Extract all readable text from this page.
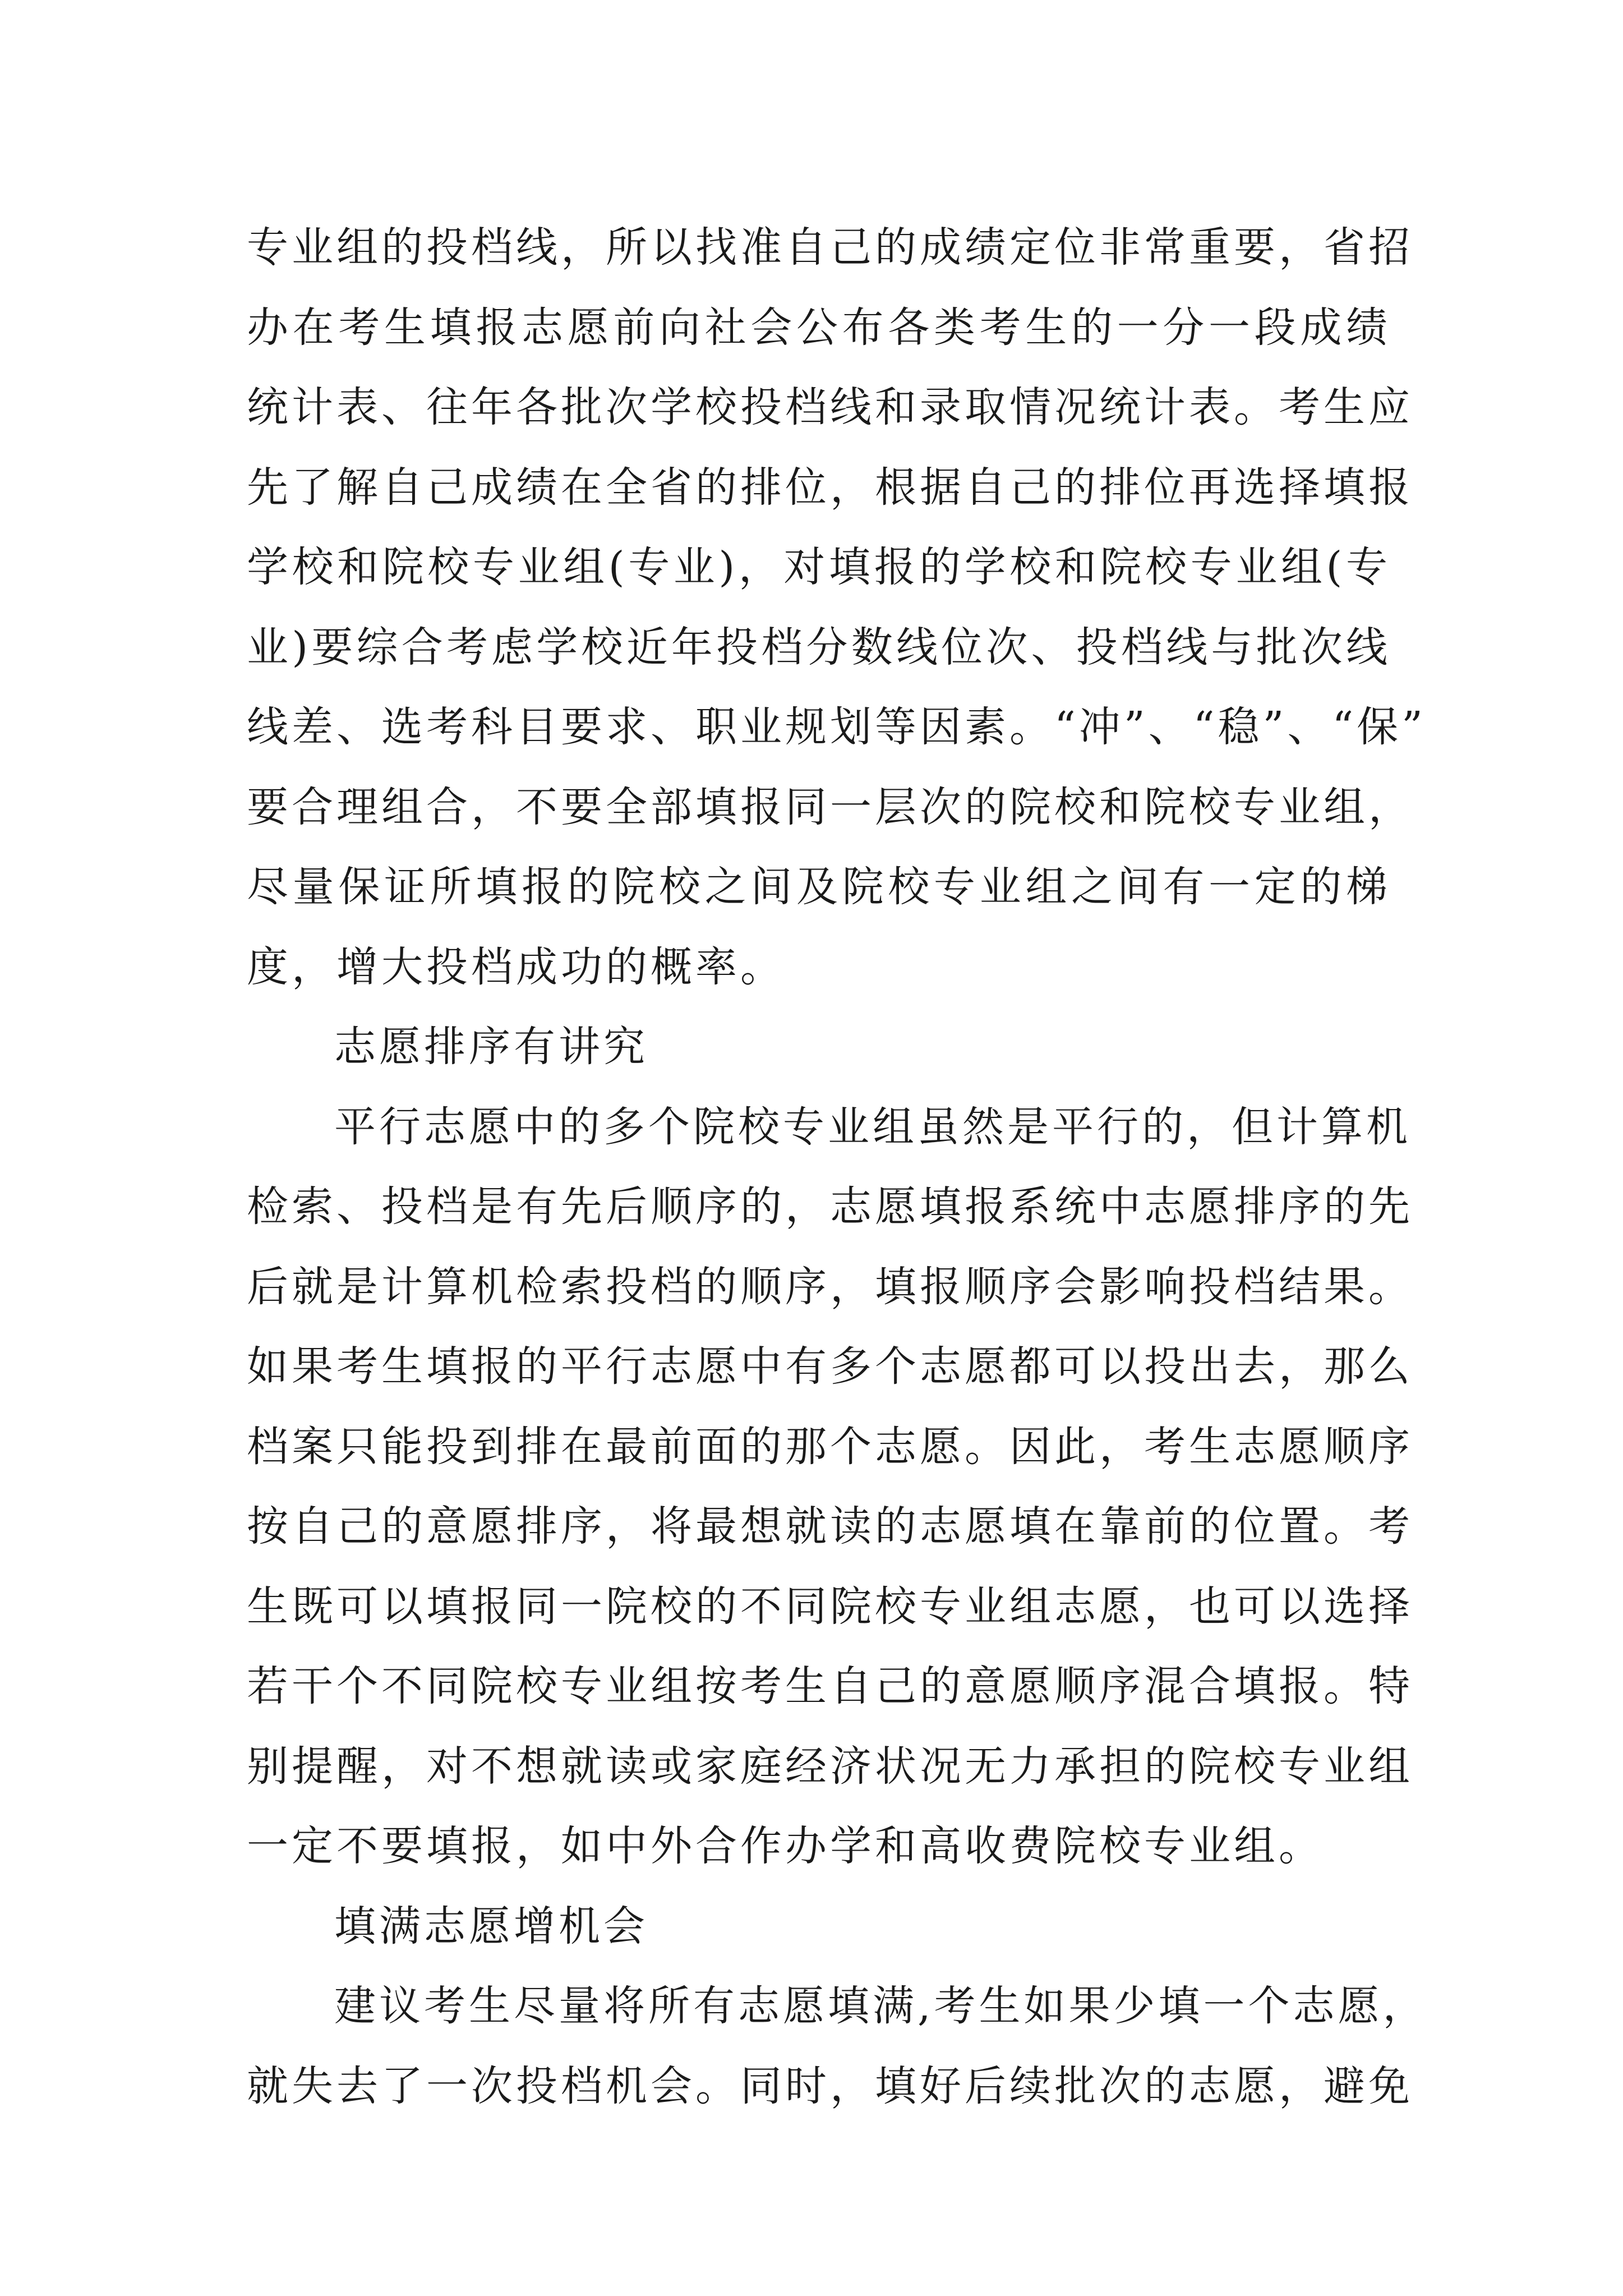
专业组的投档线，所以找准自己的成绩定位非常重要，省招
办在考生填报志愿前向社会公布各类考生的一分一段成绩
统计表、往年各批次学校投档线和录取情况统计表。考生应
先了解自己成绩在全省的排位，根据自己的排位再选择填报
学校和院校专业组(专业)，对填报的学校和院校专业组(专
业)要综合考虑学校近年投档分数线位次、投档线与批次线
线差、选考科目要求、职业规划等因素。“冲”、“稳”、“保”
要合理组合，不要全部填报同一层次的院校和院校专业组，
尽量保证所填报的院校之间及院校专业组之间有一定的梯
度，增大投档成功的概率。
志愿排序有讲究
平行志愿中的多个院校专业组虽然是平行的，但计算机
检索、投档是有先后顺序的，志愿填报系统中志愿排序的先
后就是计算机检索投档的顺序，填报顺序会影响投档结果。
如果考生填报的平行志愿中有多个志愿都可以投出去，那么
档案只能投到排在最前面的那个志愿。因此，考生志愿顺序
按自己的意愿排序，将最想就读的志愿填在靠前的位置。考
生既可以填报同一院校的不同院校专业组志愿，也可以选择
若干个不同院校专业组按考生自己的意愿顺序混合填报。特
别提醒，对不想就读或家庭经济状况无力承担的院校专业组
一定不要填报，如中外合作办学和高收费院校专业组。
填满志愿增机会
建议考生尽量将所有志愿填满,考生如果少填一个志愿，
就失去了一次投档机会。同时，填好后续批次的志愿，避免
